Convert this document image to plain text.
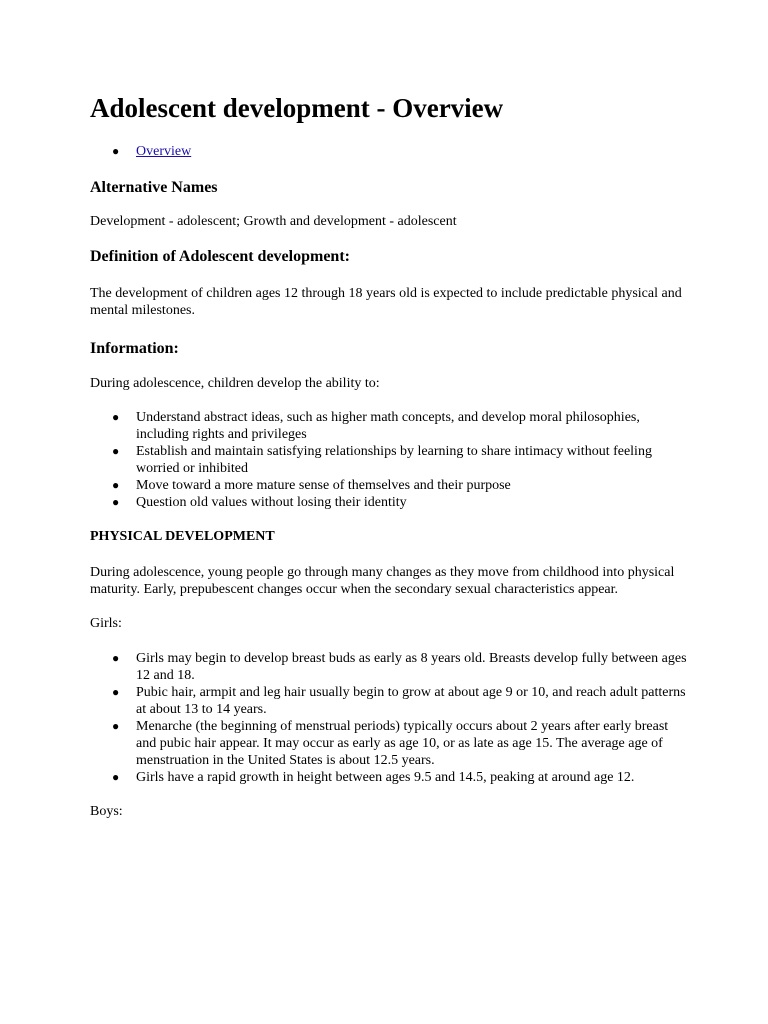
Adolescent development - Overview
● Overview
Alternative Names

Development - adolescent; Growth and development - adolescent

Definition of Adolescent development:

The development of children ages 12 through 18 years old is expected to include predictable physical and mental milestones.

Information:

During adolescence, children develop the ability to:

● Understand abstract ideas, such as higher math concepts, and develop moral philosophies, including rights and privileges
● Establish and maintain satisfying relationships by learning to share intimacy without feeling worried or inhibited
● Move toward a more mature sense of themselves and their purpose
● Question old values without losing their identity

PHYSICAL DEVELOPMENT

During adolescence, young people go through many changes as they move from childhood into physical maturity. Early, prepubescent changes occur when the secondary sexual characteristics appear.

Girls:

● Girls may begin to develop breast buds as early as 8 years old. Breasts develop fully between ages 12 and 18.
● Pubic hair, armpit and leg hair usually begin to grow at about age 9 or 10, and reach adult patterns at about 13 to 14 years.
● Menarche (the beginning of menstrual periods) typically occurs about 2 years after early breast and pubic hair appear. It may occur as early as age 10, or as late as age 15. The average age of menstruation in the United States is about 12.5 years.
● Girls have a rapid growth in height between ages 9.5 and 14.5, peaking at around age 12.

Boys:
